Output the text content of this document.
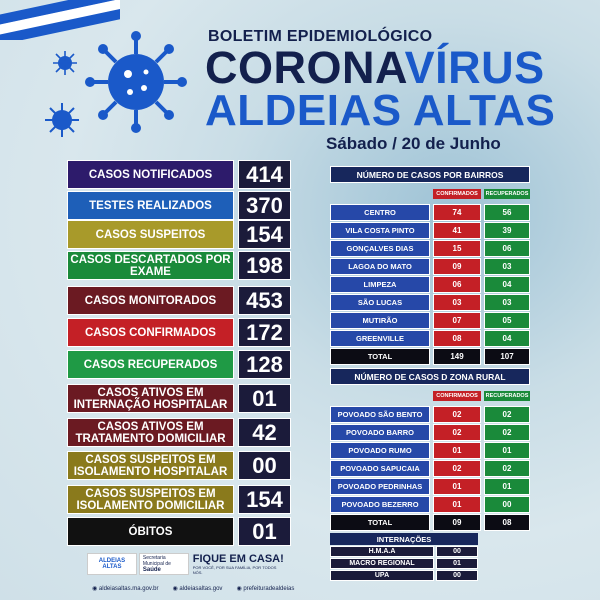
BOLETIM EPIDEMIOLÓGICO
CORONAVÍRUS
ALDEIAS ALTAS
Sábado / 20 de Junho
CASOS NOTIFICADOS	414
TESTES REALIZADOS	370
CASOS SUSPEITOS	154
CASOS DESCARTADOS POR EXAME	198
CASOS MONITORADOS	453
CASOS CONFIRMADOS	172
CASOS RECUPERADOS	128
CASOS ATIVOS EM INTERNAÇÃO HOSPITALAR	01
CASOS ATIVOS EM TRATAMENTO DOMICILIAR	42
CASOS SUSPEITOS EM ISOLAMENTO HOSPITALAR	00
CASOS SUSPEITOS EM ISOLAMENTO DOMICILIAR 154
ÓBITOS	01
NÚMERO DE CASOS POR BAIRROS
CONFIRMADOS	RECUPERADOS
CENTRO	74	56
VILA COSTA PINTO	41	39
GONÇALVES DIAS	15	06
LAGOA DO MATO	09	03
LIMPEZA	06	04
SÃO LUCAS	03	03
MUTIRÃO	07	05
GREENVILLE	08	04
TOTAL	149	107
NÚMERO DE CASOS D ZONA RURAL
CONFIRMADOS	RECUPERADOS
POVOADO SÃO BENTO	02	02
POVOADO BARRO	02	02
POVOADO RUMO	01	01
POVOADO SAPUCAIA	02	02
POVOADO PEDRINHAS	01	01
POVOADO BEZERRO	01	00
TOTAL	09	08
INTERNAÇÕES
H.M.A.A	00
MACRO REGIONAL	01
UPA	00
ALDEIAS
ALTAS
Secretaria
Municipal de
Saúde
FIQUE EM CASA!
POR VOCÊ, POR SUA FAMÍLIA, POR TODOS NÓS.
◉ aldeiasaltas.ma.gov.br ◉ aldeiasaltas.gov ◉ prefeituradealdeias
